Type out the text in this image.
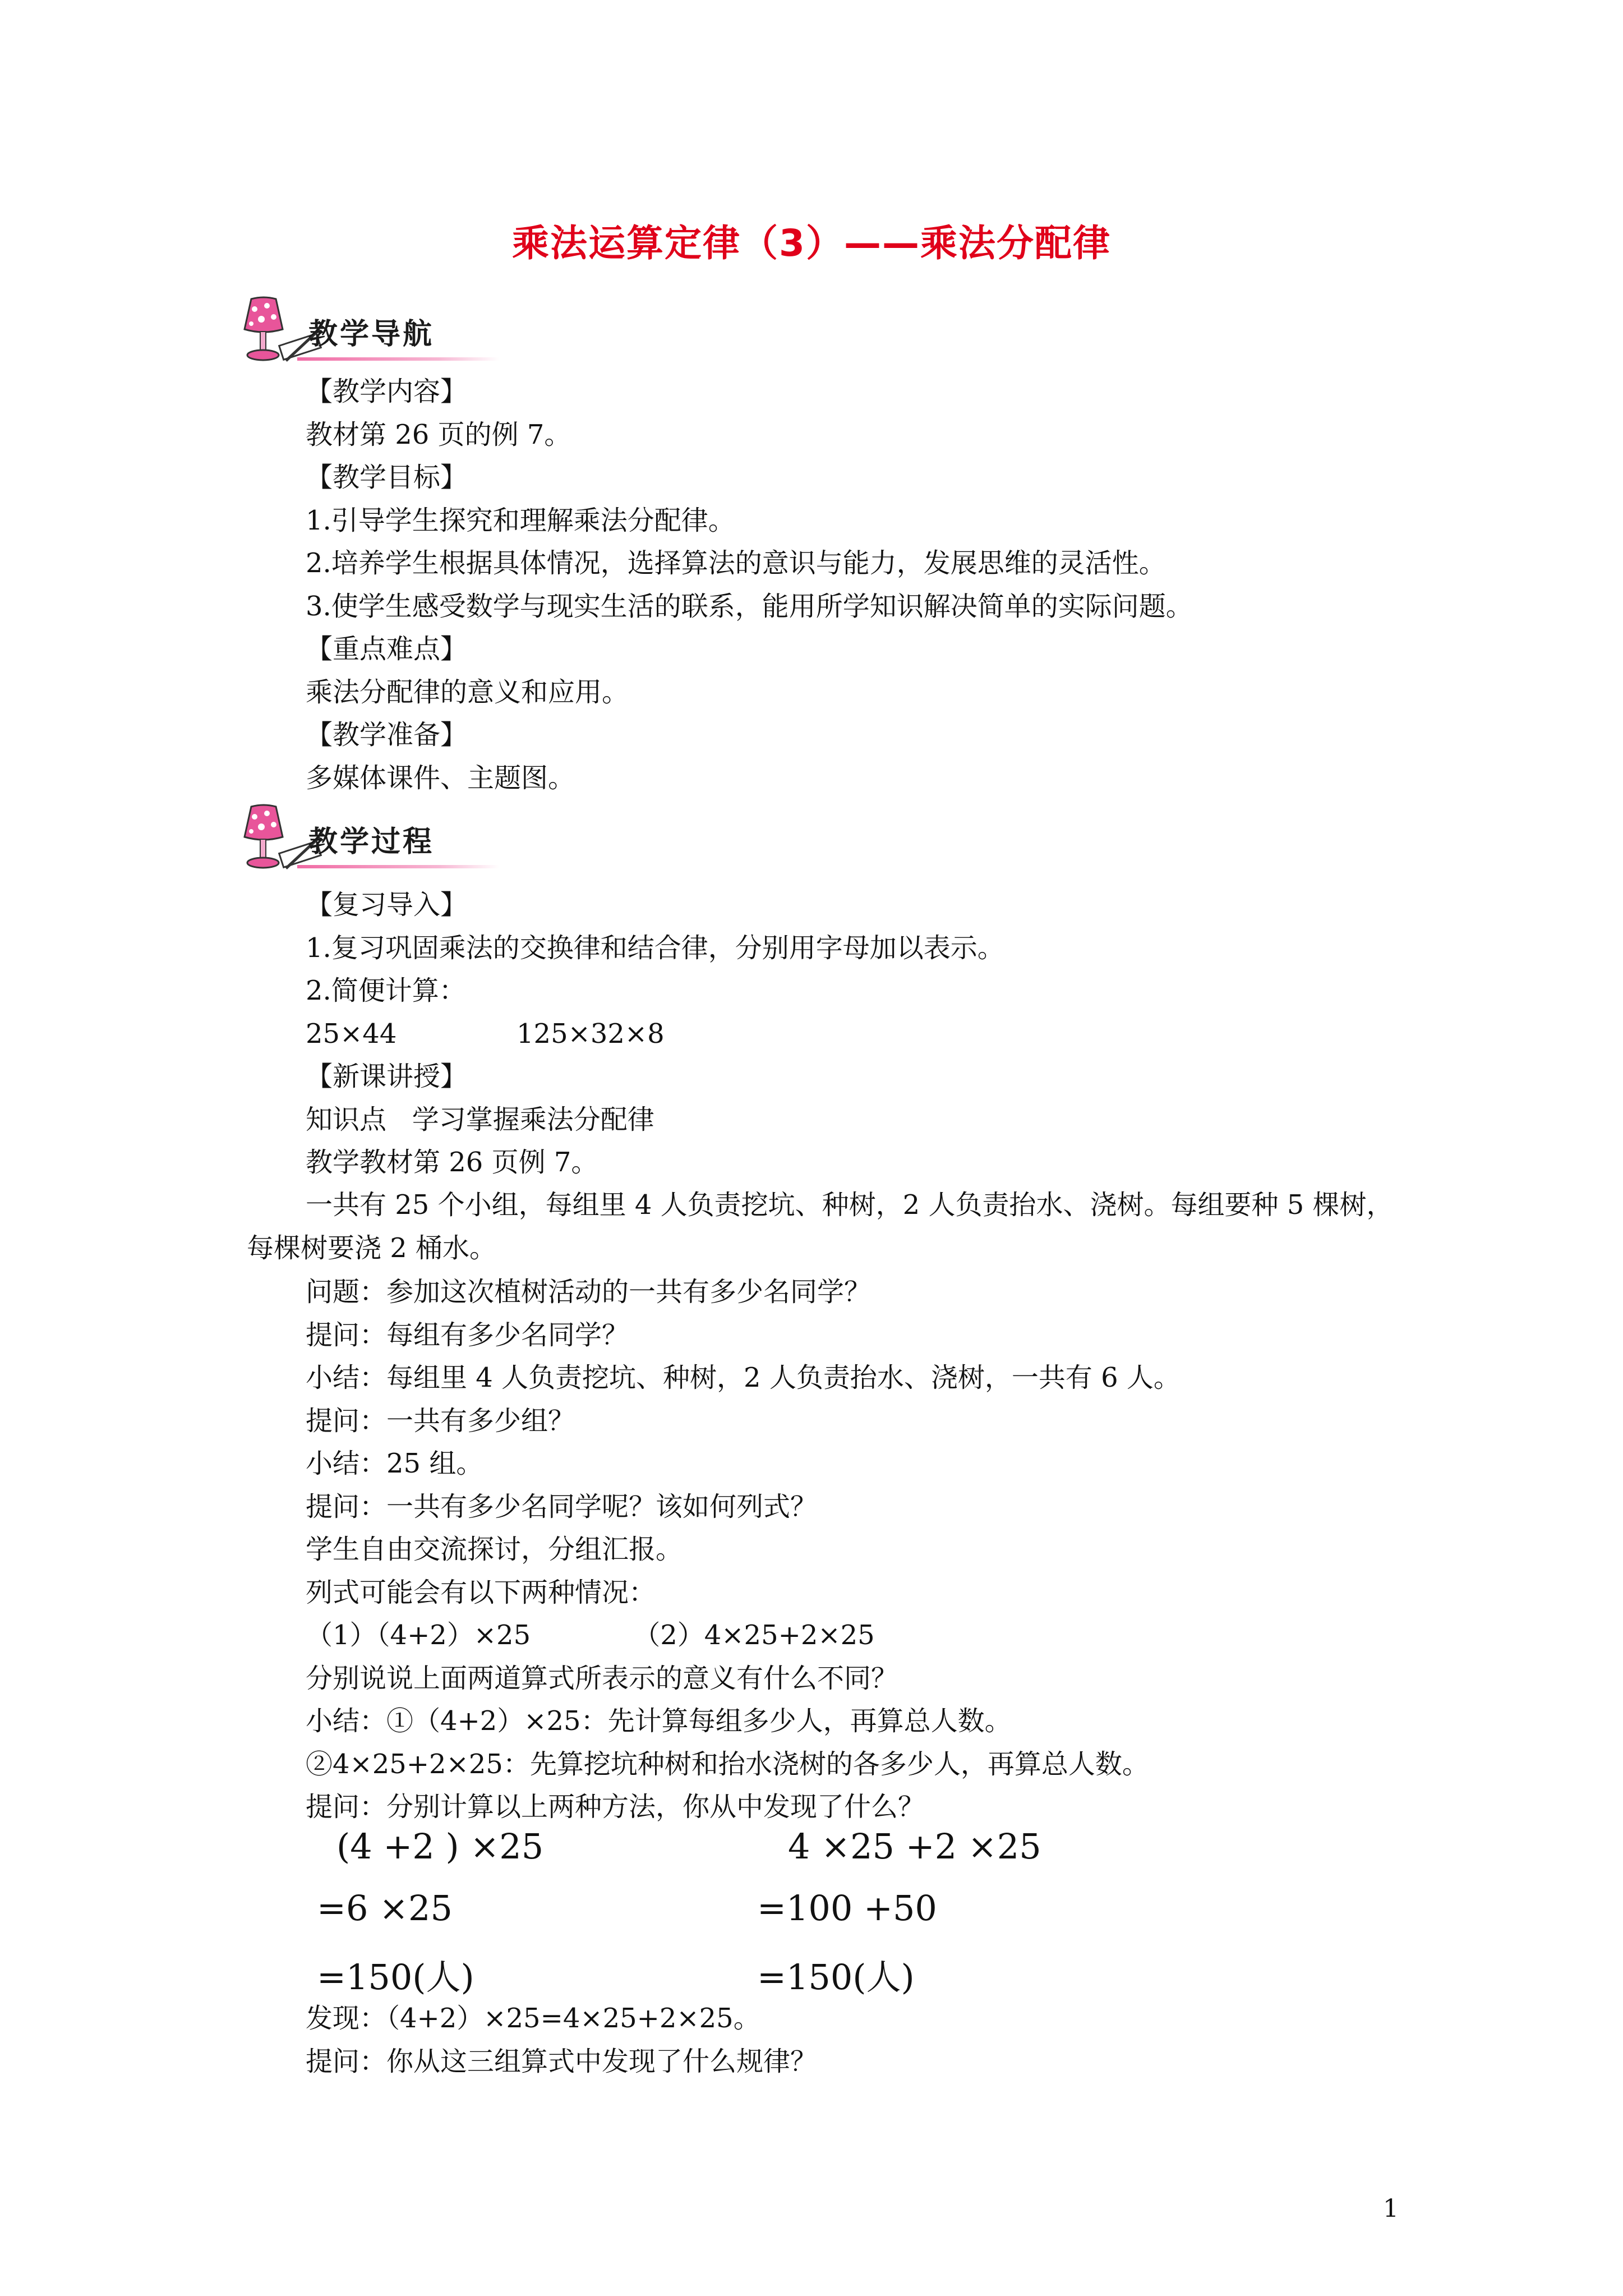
乘法运算定律（3）——乘法分配律
教学导航

【教学内容】

教材第 26 页的例 7。

【教学目标】

1.引导学生探究和理解乘法分配律。

2.培养学生根据具体情况，选择算法的意识与能力，发展思维的灵活性。

3.使学生感受数学与现实生活的联系，能用所学知识解决简单的实际问题。

【重点难点】

乘法分配律的意义和应用。

【教学准备】

多媒体课件、主题图。

教学过程

【复习导入】

1.复习巩固乘法的交换律和结合律，分别用字母加以表示。

2.简便计算：

25×44              125×32×8

【新课讲授】

知识点   学习掌握乘法分配律

教学教材第 26 页例 7。

一共有 25 个小组，每组里 4 人负责挖坑、种树，2 人负责抬水、浇树。每组要种 5 棵树，每棵树要浇 2 桶水。

问题：参加这次植树活动的一共有多少名同学？

提问：每组有多少名同学？

小结：每组里 4 人负责挖坑、种树，2 人负责抬水、浇树，一共有 6 人。

提问：一共有多少组？

小结：25 组。

提问：一共有多少名同学呢？该如何列式？

学生自由交流探讨，分组汇报。

列式可能会有以下两种情况：

（1）（4+2）×25            （2）4×25+2×25

分别说说上面两道算式所表示的意义有什么不同？

小结：①（4+2）×25：先计算每组多少人，再算总人数。

②4×25+2×25：先算挖坑种树和抬水浇树的各多少人，再算总人数。

提问：分别计算以上两种方法，你从中发现了什么？

(4 +2 ) ×25
=6 ×25
=150(人)
4 ×25 +2 ×25
=100 +50
=150(人)

发现：（4+2）×25=4×25+2×25。

提问：你从这三组算式中发现了什么规律？

1
